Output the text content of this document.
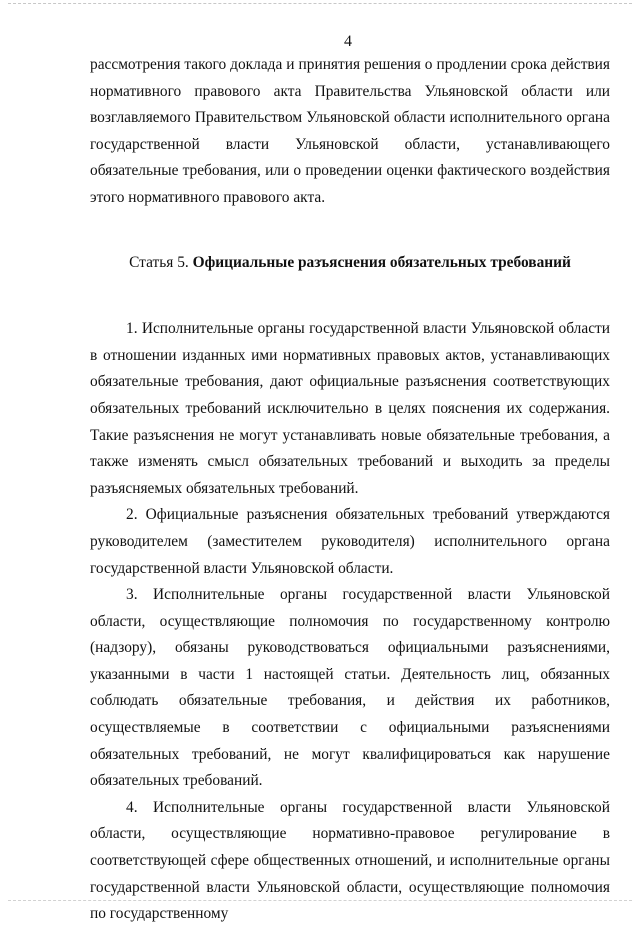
4

рассмотрения такого доклада и принятия решения о продлении срока действия нормативного правового акта Правительства Ульяновской области или возглавляемого Правительством Ульяновской области исполнительного органа государственной власти Ульяновской области, устанавливающего обязательные требования, или о проведении оценки фактического воздействия этого нормативного правового акта.

Статья 5. Официальные разъяснения обязательных требований

1. Исполнительные органы государственной власти Ульяновской области в отношении изданных ими нормативных правовых актов, устанавливающих обязательные требования, дают официальные разъяснения соответствующих обязательных требований исключительно в целях пояснения их содержания. Такие разъяснения не могут устанавливать новые обязательные требования, а также изменять смысл обязательных требований и выходить за пределы разъясняемых обязательных требований.

2. Официальные разъяснения обязательных требований утверждаются руководителем (заместителем руководителя) исполнительного органа государственной власти Ульяновской области.

3. Исполнительные органы государственной власти Ульяновской области, осуществляющие полномочия по государственному контролю (надзору), обязаны руководствоваться официальными разъяснениями, указанными в части 1 настоящей статьи. Деятельность лиц, обязанных соблюдать обязательные требования, и действия их работников, осуществляемые в соответствии с официальными разъяснениями обязательных требований, не могут квалифицироваться как нарушение обязательных требований.

4. Исполнительные органы государственной власти Ульяновской области, осуществляющие нормативно-правовое регулирование в соответствующей сфере общественных отношений, и исполнительные органы государственной власти Ульяновской области, осуществляющие полномочия по государственному
